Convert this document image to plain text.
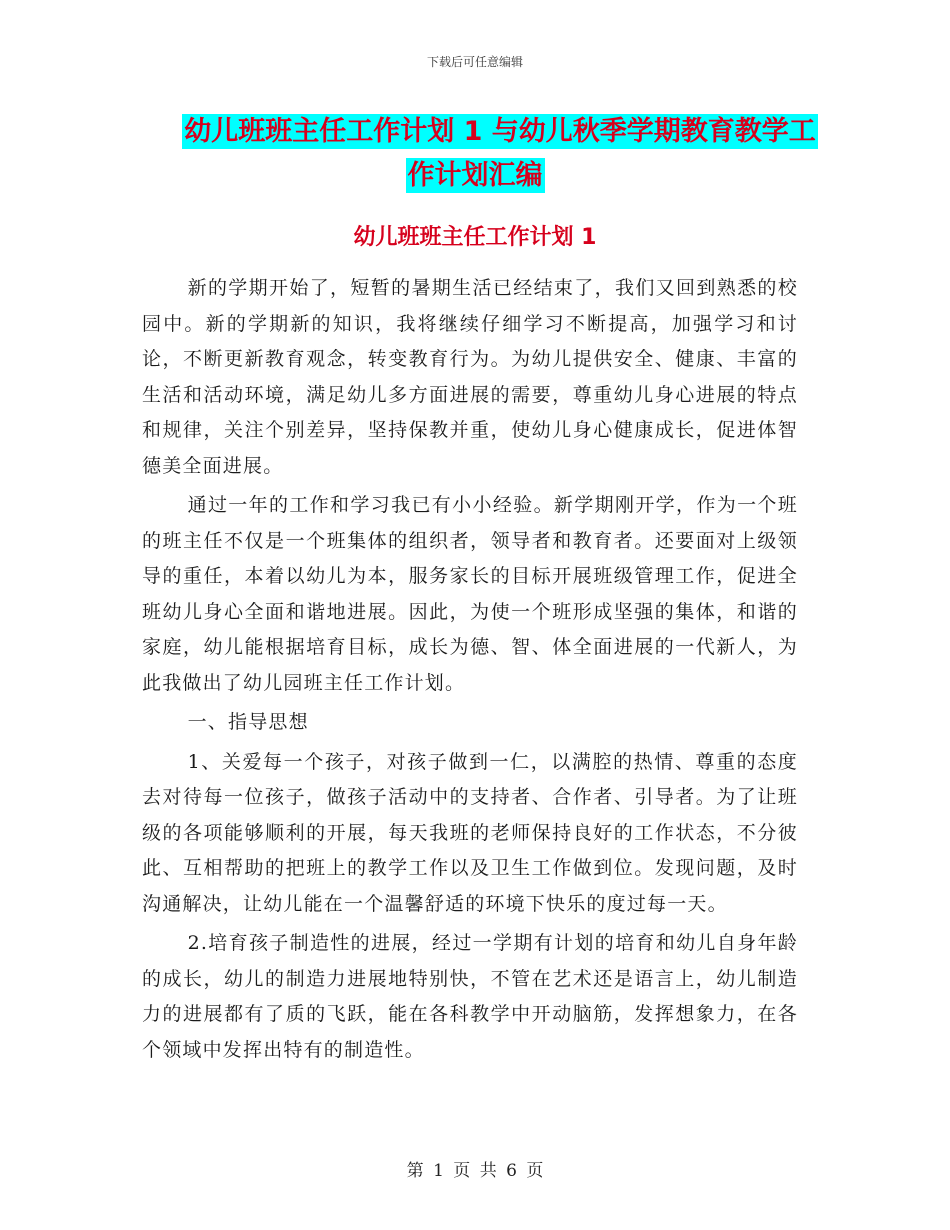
下载后可任意编辑
幼儿班班主任工作计划 1 与幼儿秋季学期教育教学工
作计划汇编
幼儿班班主任工作计划 1

新的学期开始了，短暂的暑期生活已经结束了，我们又回到熟悉的校园中。新的学期新的知识，我将继续仔细学习不断提高，加强学习和讨论，不断更新教育观念，转变教育行为。为幼儿提供安全、健康、丰富的生活和活动环境，满足幼儿多方面进展的需要，尊重幼儿身心进展的特点和规律，关注个别差异，坚持保教并重，使幼儿身心健康成长，促进体智德美全面进展。

通过一年的工作和学习我已有小小经验。新学期刚开学，作为一个班的班主任不仅是一个班集体的组织者，领导者和教育者。还要面对上级领导的重任，本着以幼儿为本，服务家长的目标开展班级管理工作，促进全班幼儿身心全面和谐地进展。因此，为使一个班形成坚强的集体，和谐的家庭，幼儿能根据培育目标，成长为德、智、体全面进展的一代新人，为此我做出了幼儿园班主任工作计划。

一、指导思想

1、关爱每一个孩子，对孩子做到一仁，以满腔的热情、尊重的态度去对待每一位孩子，做孩子活动中的支持者、合作者、引导者。为了让班级的各项能够顺利的开展，每天我班的老师保持良好的工作状态，不分彼此、互相帮助的把班上的教学工作以及卫生工作做到位。发现问题，及时沟通解决，让幼儿能在一个温馨舒适的环境下快乐的度过每一天。

2.培育孩子制造性的进展，经过一学期有计划的培育和幼儿自身年龄的成长，幼儿的制造力进展地特别快，不管在艺术还是语言上，幼儿制造力的进展都有了质的飞跃，能在各科教学中开动脑筋，发挥想象力，在各个领域中发挥出特有的制造性。

第 1 页 共 6 页
